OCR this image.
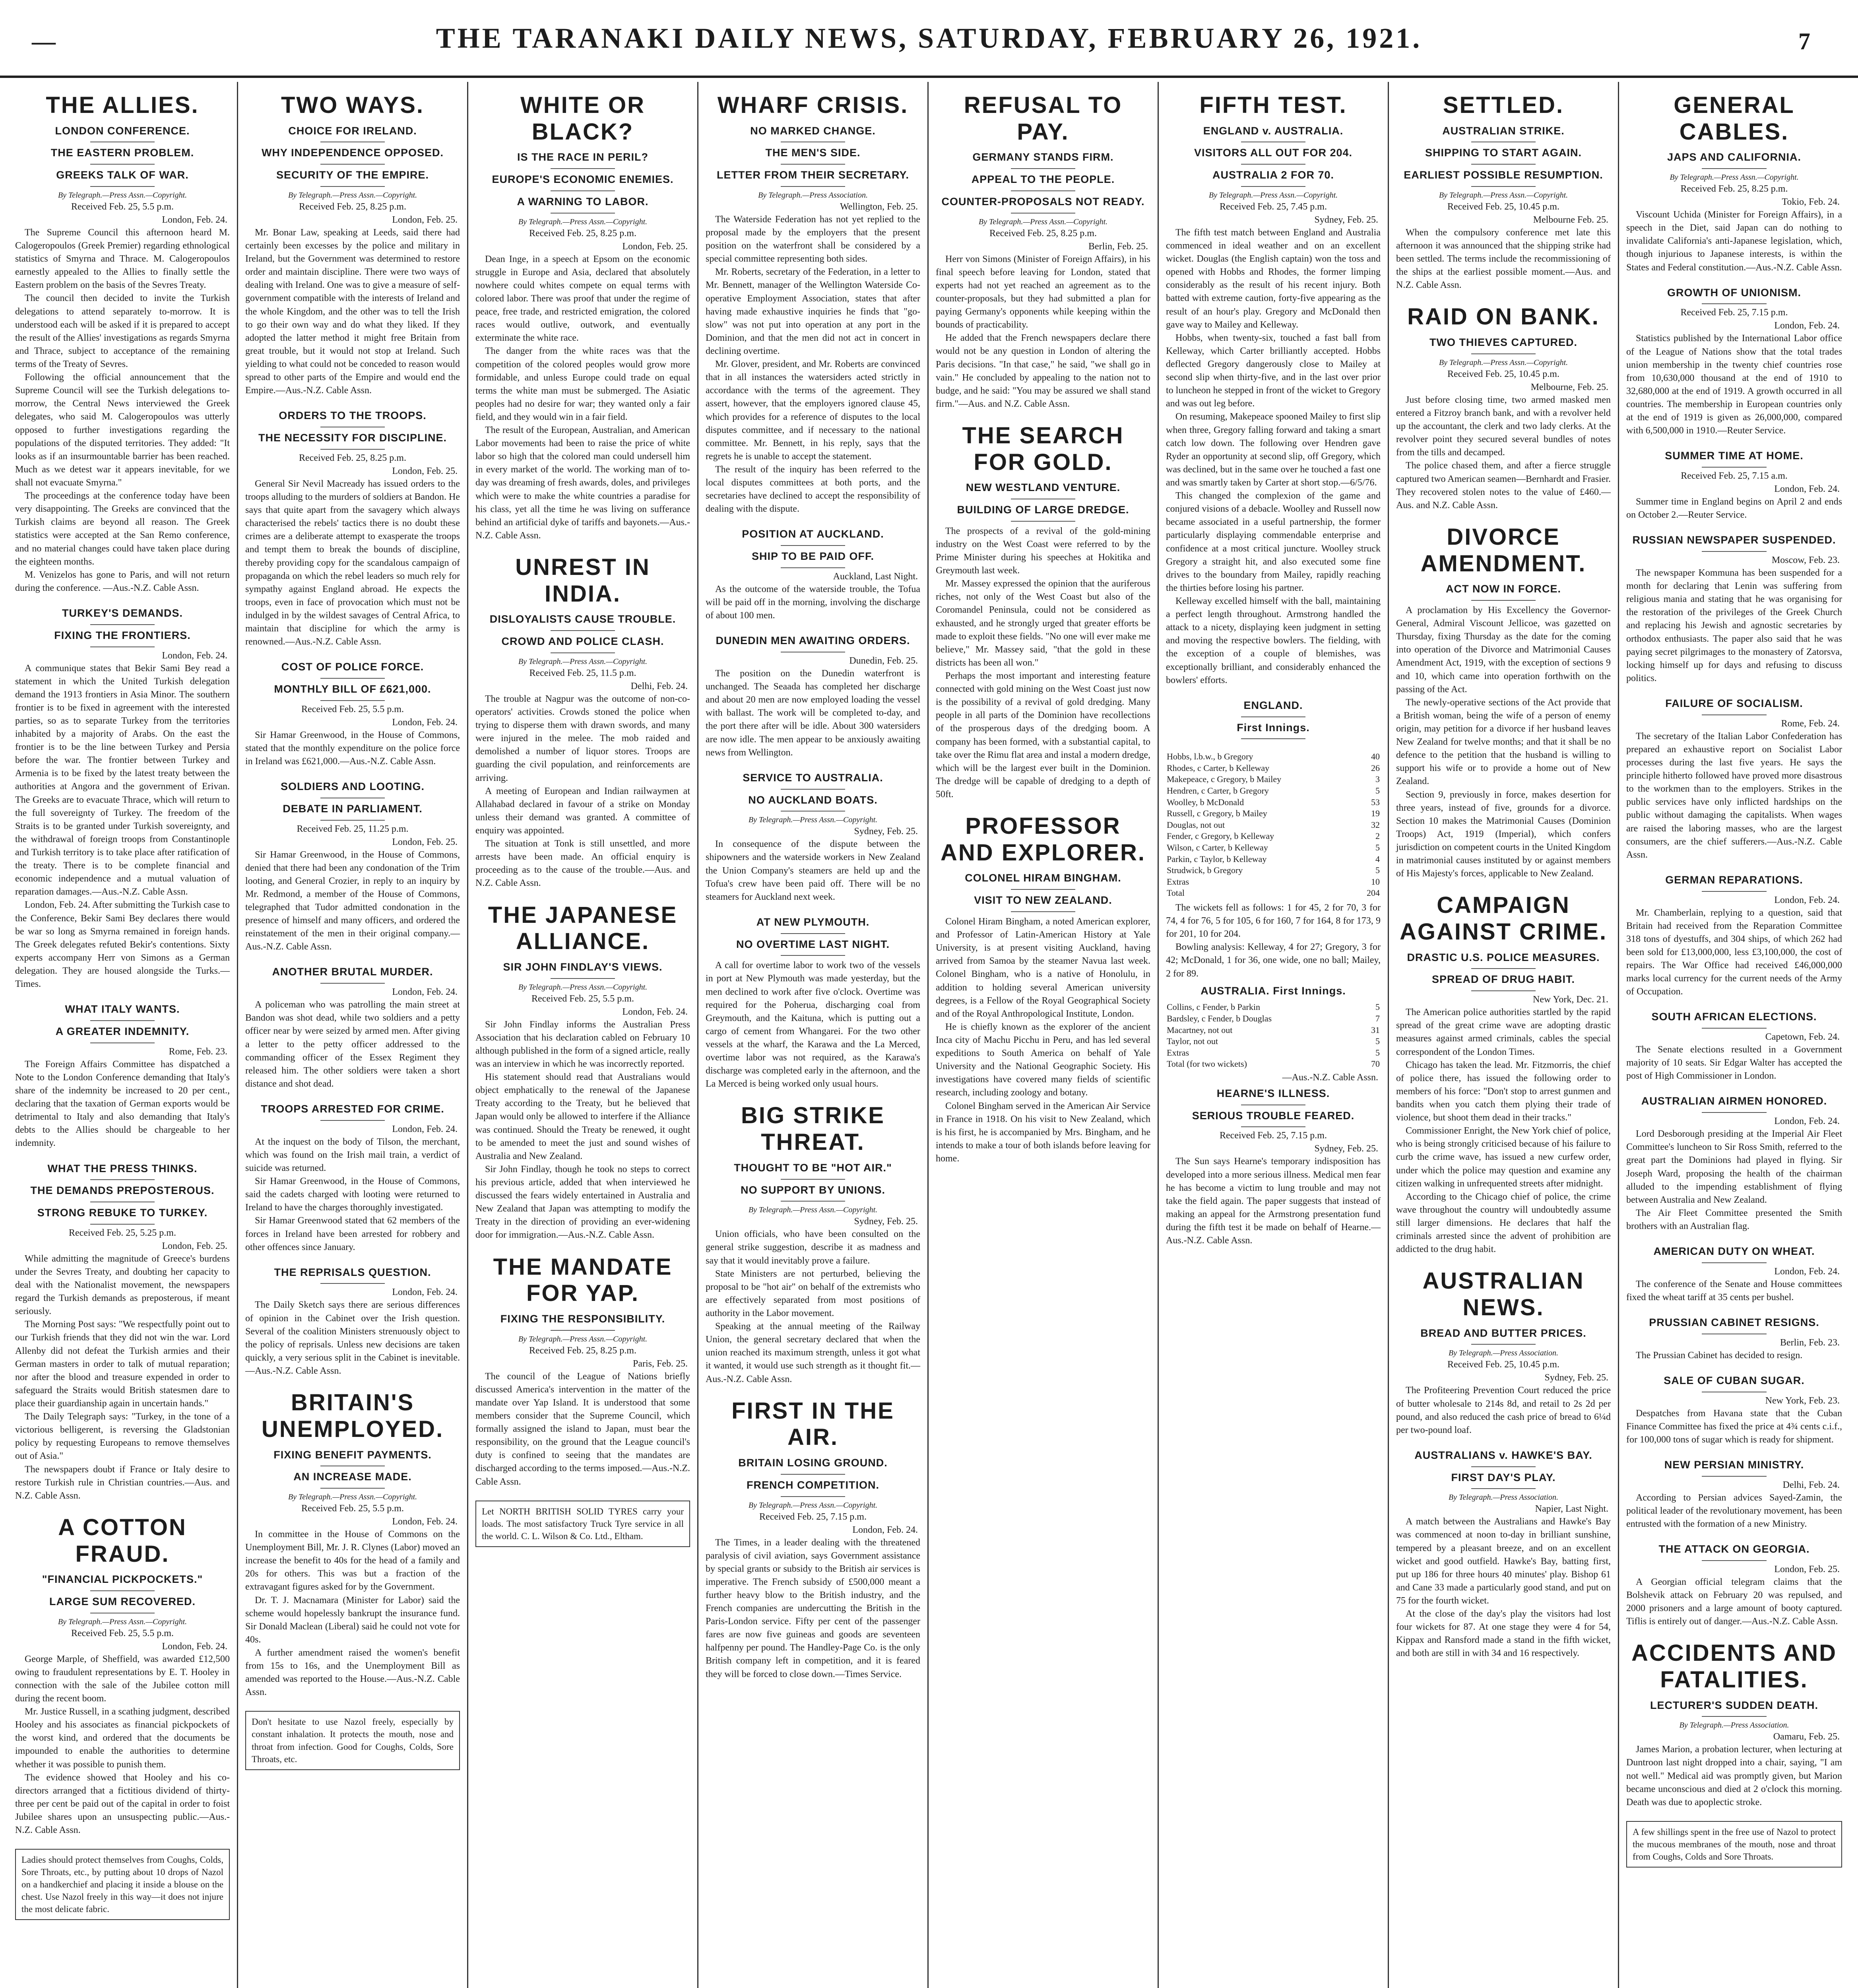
―	THE TARANAKI DAILY NEWS, SATURDAY, FEBRUARY 26, 1921.	7
THE ALLIES.
LONDON CONFERENCE.
THE EASTERN PROBLEM.
GREEKS TALK OF WAR.
By Telegraph.—Press Assn.—Copyright.
Received Feb. 25, 5.5 p.m.
London, Feb. 24.

The Supreme Council this afternoon heard M. Calogeropoulos (Greek Premier) regarding ethnological statistics of Smyrna and Thrace. M. Calogeropoulos earnestly appealed to the Allies to finally settle the Eastern problem on the basis of the Sevres Treaty.

The council then decided to invite the Turkish delegations to attend separately to-morrow. It is understood each will be asked if it is prepared to accept the result of the Allies' investigations as regards Smyrna and Thrace, subject to acceptance of the remaining terms of the Treaty of Sevres.

Following the official announcement that the Supreme Council will see the Turkish delegations to-morrow, the Central News interviewed the Greek delegates, who said M. Calogeropoulos was utterly opposed to further investigations regarding the populations of the disputed territories. They added: "It looks as if an insurmountable barrier has been reached. Much as we detest war it appears inevitable, for we shall not evacuate Smyrna."

The proceedings at the conference today have been very disappointing. The Greeks are convinced that the Turkish claims are beyond all reason. The Greek statistics were accepted at the San Remo conference, and no material changes could have taken place during the eighteen months.

M. Venizelos has gone to Paris, and will not return during the conference. —Aus.-N.Z. Cable Assn.

TURKEY'S DEMANDS.
FIXING THE FRONTIERS.
London, Feb. 24.

A communique states that Bekir Sami Bey read a statement in which the United Turkish delegation demand the 1913 frontiers in Asia Minor. The southern frontier is to be fixed in agreement with the interested parties, so as to separate Turkey from the territories inhabited by a majority of Arabs. On the east the frontier is to be the line between Turkey and Persia before the war. The frontier between Turkey and Armenia is to be fixed by the latest treaty between the authorities at Angora and the government of Erivan. The Greeks are to evacuate Thrace, which will return to the full sovereignty of Turkey. The freedom of the Straits is to be granted under Turkish sovereignty, and the withdrawal of foreign troops from Constantinople and Turkish territory is to take place after ratification of the treaty. There is to be complete financial and economic independence and a mutual valuation of reparation damages.—Aus.-N.Z. Cable Assn.

London, Feb. 24. After submitting the Turkish case to the Conference, Bekir Sami Bey declares there would be war so long as Smyrna remained in foreign hands. The Greek delegates refuted Bekir's contentions. Sixty experts accompany Herr von Simons as a German delegation. They are housed alongside the Turks.—Times.

WHAT ITALY WANTS.
A GREATER INDEMNITY.
Rome, Feb. 23.

The Foreign Affairs Committee has dispatched a Note to the London Conference demanding that Italy's share of the indemnity be increased to 20 per cent., declaring that the taxation of German exports would be detrimental to Italy and also demanding that Italy's debts to the Allies should be chargeable to her indemnity.

WHAT THE PRESS THINKS.
THE DEMANDS PREPOSTEROUS.
STRONG REBUKE TO TURKEY.
Received Feb. 25, 5.25 p.m.
London, Feb. 25.

While admitting the magnitude of Greece's burdens under the Sevres Treaty, and doubting her capacity to deal with the Nationalist movement, the newspapers regard the Turkish demands as preposterous, if meant seriously.

The Morning Post says: "We respectfully point out to our Turkish friends that they did not win the war. Lord Allenby did not defeat the Turkish armies and their German masters in order to talk of mutual reparation; nor after the blood and treasure expended in order to safeguard the Straits would British statesmen dare to place their guardianship again in uncertain hands."

The Daily Telegraph says: "Turkey, in the tone of a victorious belligerent, is reversing the Gladstonian policy by requesting Europeans to remove themselves out of Asia."

The newspapers doubt if France or Italy desire to restore Turkish rule in Christian countries.—Aus. and N.Z. Cable Assn.

A COTTON FRAUD.
"FINANCIAL PICKPOCKETS."
LARGE SUM RECOVERED.
By Telegraph.—Press Assn.—Copyright.
Received Feb. 25, 5.5 p.m.
London, Feb. 24.

George Marple, of Sheffield, was awarded £12,500 owing to fraudulent representations by E. T. Hooley in connection with the sale of the Jubilee cotton mill during the recent boom.

Mr. Justice Russell, in a scathing judgment, described Hooley and his associates as financial pickpockets of the worst kind, and ordered that the documents be impounded to enable the authorities to determine whether it was possible to punish them.

The evidence showed that Hooley and his co-directors arranged that a fictitious dividend of thirty-three per cent be paid out of the capital in order to foist Jubilee shares upon an unsuspecting public.—Aus.-N.Z. Cable Assn.

Ladies should protect themselves from Coughs, Colds, Sore Throats, etc., by putting about 10 drops of Nazol on a handkerchief and placing it inside a blouse on the chest. Use Nazol freely in this way—it does not injure the most delicate fabric.
TWO WAYS.
CHOICE FOR IRELAND.
WHY INDEPENDENCE OPPOSED.
SECURITY OF THE EMPIRE.
By Telegraph.—Press Assn.—Copyright.
Received Feb. 25, 8.25 p.m.
London, Feb. 25.

Mr. Bonar Law, speaking at Leeds, said there had certainly been excesses by the police and military in Ireland, but the Government was determined to restore order and maintain discipline. There were two ways of dealing with Ireland. One was to give a measure of self-government compatible with the interests of Ireland and the whole Kingdom, and the other was to tell the Irish to go their own way and do what they liked. If they adopted the latter method it might free Britain from great trouble, but it would not stop at Ireland. Such yielding to what could not be conceded to reason would spread to other parts of the Empire and would end the Empire.—Aus.-N.Z. Cable Assn.

ORDERS TO THE TROOPS.
THE NECESSITY FOR DISCIPLINE.
Received Feb. 25, 8.25 p.m.
London, Feb. 25.

General Sir Nevil Macready has issued orders to the troops alluding to the murders of soldiers at Bandon. He says that quite apart from the savagery which always characterised the rebels' tactics there is no doubt these crimes are a deliberate attempt to exasperate the troops and tempt them to break the bounds of discipline, thereby providing copy for the scandalous campaign of propaganda on which the rebel leaders so much rely for sympathy against England abroad. He expects the troops, even in face of provocation which must not be indulged in by the wildest savages of Central Africa, to maintain that discipline for which the army is renowned.—Aus.-N.Z. Cable Assn.

COST OF POLICE FORCE.
MONTHLY BILL OF £621,000.
Received Feb. 25, 5.5 p.m.
London, Feb. 24.

Sir Hamar Greenwood, in the House of Commons, stated that the monthly expenditure on the police force in Ireland was £621,000.—Aus.-N.Z. Cable Assn.

SOLDIERS AND LOOTING.
DEBATE IN PARLIAMENT.
Received Feb. 25, 11.25 p.m.
London, Feb. 25.

Sir Hamar Greenwood, in the House of Commons, denied that there had been any condonation of the Trim looting, and General Crozier, in reply to an inquiry by Mr. Redmond, a member of the House of Commons, telegraphed that Tudor admitted condonation in the presence of himself and many officers, and ordered the reinstatement of the men in their original company.—Aus.-N.Z. Cable Assn.

ANOTHER BRUTAL MURDER.
London, Feb. 24.

A policeman who was patrolling the main street at Bandon was shot dead, while two soldiers and a petty officer near by were seized by armed men. After giving a letter to the petty officer addressed to the commanding officer of the Essex Regiment they released him. The other soldiers were taken a short distance and shot dead.

TROOPS ARRESTED FOR CRIME.
London, Feb. 24.

At the inquest on the body of Tilson, the merchant, which was found on the Irish mail train, a verdict of suicide was returned.

Sir Hamar Greenwood, in the House of Commons, said the cadets charged with looting were returned to Ireland to have the charges thoroughly investigated.

Sir Hamar Greenwood stated that 62 members of the forces in Ireland have been arrested for robbery and other offences since January.

THE REPRISALS QUESTION.
London, Feb. 24.

The Daily Sketch says there are serious differences of opinion in the Cabinet over the Irish question. Several of the coalition Ministers strenuously object to the policy of reprisals. Unless new decisions are taken quickly, a very serious split in the Cabinet is inevitable.—Aus.-N.Z. Cable Assn.

BRITAIN'S UNEMPLOYED.
FIXING BENEFIT PAYMENTS.
AN INCREASE MADE.
By Telegraph.—Press Assn.—Copyright.
Received Feb. 25, 5.5 p.m.
London, Feb. 24.

In committee in the House of Commons on the Unemployment Bill, Mr. J. R. Clynes (Labor) moved an increase the benefit to 40s for the head of a family and 20s for others. This was but a fraction of the extravagant figures asked for by the Government.

Dr. T. J. Macnamara (Minister for Labor) said the scheme would hopelessly bankrupt the insurance fund. Sir Donald Maclean (Liberal) said he could not vote for 40s.

A further amendment raised the women's benefit from 15s to 16s, and the Unemployment Bill as amended was reported to the House.—Aus.-N.Z. Cable Assn.

Don't hesitate to use Nazol freely, especially by constant inhalation. It protects the mouth, nose and throat from infection. Good for Coughs, Colds, Sore Throats, etc.
WHITE OR BLACK?
IS THE RACE IN PERIL?
EUROPE'S ECONOMIC ENEMIES.
A WARNING TO LABOR.
By Telegraph.—Press Assn.—Copyright.
Received Feb. 25, 8.25 p.m.
London, Feb. 25.

Dean Inge, in a speech at Epsom on the economic struggle in Europe and Asia, declared that absolutely nowhere could whites compete on equal terms with colored labor. There was proof that under the regime of peace, free trade, and restricted emigration, the colored races would outlive, outwork, and eventually exterminate the white race.

The danger from the white races was that the competition of the colored peoples would grow more formidable, and unless Europe could trade on equal terms the white man must be submerged. The Asiatic peoples had no desire for war; they wanted only a fair field, and they would win in a fair field.

The result of the European, Australian, and American Labor movements had been to raise the price of white labor so high that the colored man could undersell him in every market of the world. The working man of to-day was dreaming of fresh awards, doles, and privileges which were to make the white countries a paradise for his class, yet all the time he was living on sufferance behind an artificial dyke of tariffs and bayonets.—Aus.-N.Z. Cable Assn.

UNREST IN INDIA.
DISLOYALISTS CAUSE TROUBLE.
CROWD AND POLICE CLASH.
By Telegraph.—Press Assn.—Copyright.
Received Feb. 25, 11.5 p.m.
Delhi, Feb. 24.

The trouble at Nagpur was the outcome of non-co-operators' activities. Crowds stoned the police when trying to disperse them with drawn swords, and many were injured in the melee. The mob raided and demolished a number of liquor stores. Troops are guarding the civil population, and reinforcements are arriving.

A meeting of European and Indian railwaymen at Allahabad declared in favour of a strike on Monday unless their demand was granted. A committee of enquiry was appointed.

The situation at Tonk is still unsettled, and more arrests have been made. An official enquiry is proceeding as to the cause of the trouble.—Aus. and N.Z. Cable Assn.

THE JAPANESE ALLIANCE.
SIR JOHN FINDLAY'S VIEWS.
By Telegraph.—Press Assn.—Copyright.
Received Feb. 25, 5.5 p.m.
London, Feb. 24.

Sir John Findlay informs the Australian Press Association that his declaration cabled on February 10 although published in the form of a signed article, really was an interview in which he was incorrectly reported.

His statement should read that Australians would object emphatically to the renewal of the Japanese Treaty according to the Treaty, but he believed that Japan would only be allowed to interfere if the Alliance was continued. Should the Treaty be renewed, it ought to be amended to meet the just and sound wishes of Australia and New Zealand.

Sir John Findlay, though he took no steps to correct his previous article, added that when interviewed he discussed the fears widely entertained in Australia and New Zealand that Japan was attempting to modify the Treaty in the direction of providing an ever-widening door for immigration.—Aus.-N.Z. Cable Assn.

THE MANDATE FOR YAP.
FIXING THE RESPONSIBILITY.
By Telegraph.—Press Assn.—Copyright.
Received Feb. 25, 8.25 p.m.
Paris, Feb. 25.

The council of the League of Nations briefly discussed America's intervention in the matter of the mandate over Yap Island. It is understood that some members consider that the Supreme Council, which formally assigned the island to Japan, must bear the responsibility, on the ground that the League council's duty is confined to seeing that the mandates are discharged according to the terms imposed.—Aus.-N.Z. Cable Assn.

Let NORTH BRITISH SOLID TYRES carry your loads. The most satisfactory Truck Tyre service in all the world. C. L. Wilson & Co. Ltd., Eltham.
WHARF CRISIS.
NO MARKED CHANGE.
THE MEN'S SIDE.
LETTER FROM THEIR SECRETARY.
By Telegraph.—Press Association.
Wellington, Feb. 25.

The Waterside Federation has not yet replied to the proposal made by the employers that the present position on the waterfront shall be considered by a special committee representing both sides.

Mr. Roberts, secretary of the Federation, in a letter to Mr. Bennett, manager of the Wellington Waterside Co-operative Employment Association, states that after having made exhaustive inquiries he finds that "go-slow" was not put into operation at any port in the Dominion, and that the men did not act in concert in declining overtime.

Mr. Glover, president, and Mr. Roberts are convinced that in all instances the watersiders acted strictly in accordance with the terms of the agreement. They assert, however, that the employers ignored clause 45, which provides for a reference of disputes to the local disputes committee, and if necessary to the national committee. Mr. Bennett, in his reply, says that the regrets he is unable to accept the statement.

The result of the inquiry has been referred to the local disputes committees at both ports, and the secretaries have declined to accept the responsibility of dealing with the dispute.

POSITION AT AUCKLAND.
SHIP TO BE PAID OFF.
Auckland, Last Night.

As the outcome of the waterside trouble, the Tofua will be paid off in the morning, involving the discharge of about 100 men.

DUNEDIN MEN AWAITING ORDERS.
Dunedin, Feb. 25.

The position on the Dunedin waterfront is unchanged. The Seaada has completed her discharge and about 20 men are now employed loading the vessel with ballast. The work will be completed to-day, and the port there after will be idle. About 300 watersiders are now idle. The men appear to be anxiously awaiting news from Wellington.

SERVICE TO AUSTRALIA.
NO AUCKLAND BOATS.
By Telegraph.—Press Assn.—Copyright.
Sydney, Feb. 25.

In consequence of the dispute between the shipowners and the waterside workers in New Zealand the Union Company's steamers are held up and the Tofua's crew have been paid off. There will be no steamers for Auckland next week.

AT NEW PLYMOUTH.
NO OVERTIME LAST NIGHT.

A call for overtime labor to work two of the vessels in port at New Plymouth was made yesterday, but the men declined to work after five o'clock. Overtime was required for the Poherua, discharging coal from Greymouth, and the Kaituna, which is putting out a cargo of cement from Whangarei. For the two other vessels at the wharf, the Karawa and the La Merced, overtime labor was not required, as the Karawa's discharge was completed early in the afternoon, and the La Merced is being worked only usual hours.

BIG STRIKE THREAT.
THOUGHT TO BE "HOT AIR."
NO SUPPORT BY UNIONS.
By Telegraph.—Press Assn.—Copyright.
Sydney, Feb. 25.

Union officials, who have been consulted on the general strike suggestion, describe it as madness and say that it would inevitably prove a failure.

State Ministers are not perturbed, believing the proposal to be "hot air" on behalf of the extremists who are effectively separated from most positions of authority in the Labor movement.

Speaking at the annual meeting of the Railway Union, the general secretary declared that when the union reached its maximum strength, unless it got what it wanted, it would use such strength as it thought fit.—Aus.-N.Z. Cable Assn.

FIRST IN THE AIR.
BRITAIN LOSING GROUND.
FRENCH COMPETITION.
By Telegraph.—Press Assn.—Copyright.
Received Feb. 25, 7.15 p.m.
London, Feb. 24.

The Times, in a leader dealing with the threatened paralysis of civil aviation, says Government assistance by special grants or subsidy to the British air services is imperative. The French subsidy of £500,000 meant a further heavy blow to the British industry, and the French companies are undercutting the British in the Paris-London service. Fifty per cent of the passenger fares are now five guineas and goods are seventeen halfpenny per pound. The Handley-Page Co. is the only British company left in competition, and it is feared they will be forced to close down.—Times Service.

REFUSAL TO PAY.
GERMANY STANDS FIRM.
APPEAL TO THE PEOPLE.
COUNTER-PROPOSALS NOT READY.
By Telegraph.—Press Assn.—Copyright.
Received Feb. 25, 8.25 p.m.
Berlin, Feb. 25.

Herr von Simons (Minister of Foreign Affairs), in his final speech before leaving for London, stated that experts had not yet reached an agreement as to the counter-proposals, but they had submitted a plan for paying Germany's opponents while keeping within the bounds of practicability.

He added that the French newspapers declare there would not be any question in London of altering the Paris decisions. "In that case," he said, "we shall go in vain." He concluded by appealing to the nation not to budge, and he said: "You may be assured we shall stand firm."—Aus. and N.Z. Cable Assn.

THE SEARCH FOR GOLD.
NEW WESTLAND VENTURE.
BUILDING OF LARGE DREDGE.

The prospects of a revival of the gold-mining industry on the West Coast were referred to by the Prime Minister during his speeches at Hokitika and Greymouth last week.

Mr. Massey expressed the opinion that the auriferous riches, not only of the West Coast but also of the Coromandel Peninsula, could not be considered as exhausted, and he strongly urged that greater efforts be made to exploit these fields. "No one will ever make me believe," Mr. Massey said, "that the gold in these districts has been all won."

Perhaps the most important and interesting feature connected with gold mining on the West Coast just now is the possibility of a revival of gold dredging. Many people in all parts of the Dominion have recollections of the prosperous days of the dredging boom. A company has been formed, with a substantial capital, to take over the Rimu flat area and instal a modern dredge, which will be the largest ever built in the Dominion. The dredge will be capable of dredging to a depth of 50ft.

PROFESSOR AND EXPLORER.
COLONEL HIRAM BINGHAM.
VISIT TO NEW ZEALAND.

Colonel Hiram Bingham, a noted American explorer, and Professor of Latin-American History at Yale University, is at present visiting Auckland, having arrived from Samoa by the steamer Navua last week. Colonel Bingham, who is a native of Honolulu, in addition to holding several American university degrees, is a Fellow of the Royal Geographical Society and of the Royal Anthropological Institute, London.

He is chiefly known as the explorer of the ancient Inca city of Machu Picchu in Peru, and has led several expeditions to South America on behalf of Yale University and the National Geographic Society. His investigations have covered many fields of scientific research, including zoology and botany.

Colonel Bingham served in the American Air Service in France in 1918. On his visit to New Zealand, which is his first, he is accompanied by Mrs. Bingham, and he intends to make a tour of both islands before leaving for home.

FIFTH TEST.
ENGLAND v. AUSTRALIA.
VISITORS ALL OUT FOR 204.
AUSTRALIA 2 FOR 70.
By Telegraph.—Press Assn.—Copyright.
Received Feb. 25, 7.45 p.m.
Sydney, Feb. 25.

The fifth test match between England and Australia commenced in ideal weather and on an excellent wicket. Douglas (the English captain) won the toss and opened with Hobbs and Rhodes, the former limping considerably as the result of his recent injury. Both batted with extreme caution, forty-five appearing as the result of an hour's play. Gregory and McDonald then gave way to Mailey and Kelleway.

Hobbs, when twenty-six, touched a fast ball from Kelleway, which Carter brilliantly accepted. Hobbs deflected Gregory dangerously close to Mailey at second slip when thirty-five, and in the last over prior to luncheon he stepped in front of the wicket to Gregory and was out leg before.

On resuming, Makepeace spooned Mailey to first slip when three, Gregory falling forward and taking a smart catch low down. The following over Hendren gave Ryder an opportunity at second slip, off Gregory, which was declined, but in the same over he touched a fast one and was smartly taken by Carter at short stop.—6/5/76.

This changed the complexion of the game and conjured visions of a debacle. Woolley and Russell now became associated in a useful partnership, the former particularly displaying commendable enterprise and confidence at a most critical juncture. Woolley struck Gregory a straight hit, and also executed some fine drives to the boundary from Mailey, rapidly reaching the thirties before losing his partner.

Kelleway excelled himself with the ball, maintaining a perfect length throughout. Armstrong handled the attack to a nicety, displaying keen judgment in setting and moving the respective bowlers. The fielding, with the exception of a couple of blemishes, was exceptionally brilliant, and considerably enhanced the bowlers' efforts.

ENGLAND.
First Innings.
Hobbs, l.b.w., b Gregory	40
Rhodes, c Carter, b Kelleway	26
Makepeace, c Gregory, b Mailey	3
Hendren, c Carter, b Gregory	5
Woolley, b McDonald	53
Russell, c Gregory, b Mailey	19
Douglas, not out	32
Fender, c Gregory, b Kelleway	2
Wilson, c Carter, b Kelleway	5
Parkin, c Taylor, b Kelleway	4
Strudwick, b Gregory	5
Extras	10
Total	204

The wickets fell as follows: 1 for 45, 2 for 70, 3 for 74, 4 for 76, 5 for 105, 6 for 160, 7 for 164, 8 for 173, 9 for 201, 10 for 204.

Bowling analysis: Kelleway, 4 for 27; Gregory, 3 for 42; McDonald, 1 for 36, one wide, one no ball; Mailey, 2 for 89.

AUSTRALIA. First Innings.
Collins, c Fender, b Parkin	5
Bardsley, c Fender, b Douglas	7
Macartney, not out	31
Taylor, not out	5
Extras	5
Total (for two wickets)	70
—Aus.-N.Z. Cable Assn.
HEARNE'S ILLNESS.
SERIOUS TROUBLE FEARED.
Received Feb. 25, 7.15 p.m.
Sydney, Feb. 25.

The Sun says Hearne's temporary indisposition has developed into a more serious illness. Medical men fear he has become a victim to lung trouble and may not take the field again. The paper suggests that instead of making an appeal for the Armstrong presentation fund during the fifth test it be made on behalf of Hearne.—Aus.-N.Z. Cable Assn.

SETTLED.
AUSTRALIAN STRIKE.
SHIPPING TO START AGAIN.
EARLIEST POSSIBLE RESUMPTION.
By Telegraph.—Press Assn.—Copyright.
Received Feb. 25, 10.45 p.m.
Melbourne Feb. 25.

When the compulsory conference met late this afternoon it was announced that the shipping strike had been settled. The terms include the recommissioning of the ships at the earliest possible moment.—Aus. and N.Z. Cable Assn.

RAID ON BANK.
TWO THIEVES CAPTURED.
By Telegraph.—Press Assn.—Copyright.
Received Feb. 25, 10.45 p.m.
Melbourne, Feb. 25.

Just before closing time, two armed masked men entered a Fitzroy branch bank, and with a revolver held up the accountant, the clerk and two lady clerks. At the revolver point they secured several bundles of notes from the tills and decamped.

The police chased them, and after a fierce struggle captured two American seamen—Bernhardt and Frasier. They recovered stolen notes to the value of £460.—Aus. and N.Z. Cable Assn.

DIVORCE AMENDMENT.
ACT NOW IN FORCE.

A proclamation by His Excellency the Governor-General, Admiral Viscount Jellicoe, was gazetted on Thursday, fixing Thursday as the date for the coming into operation of the Divorce and Matrimonial Causes Amendment Act, 1919, with the exception of sections 9 and 10, which came into operation forthwith on the passing of the Act.

The newly-operative sections of the Act provide that a British woman, being the wife of a person of enemy origin, may petition for a divorce if her husband leaves New Zealand for twelve months; and that it shall be no defence to the petition that the husband is willing to support his wife or to provide a home out of New Zealand.

Section 9, previously in force, makes desertion for three years, instead of five, grounds for a divorce. Section 10 makes the Matrimonial Causes (Dominion Troops) Act, 1919 (Imperial), which confers jurisdiction on competent courts in the United Kingdom in matrimonial causes instituted by or against members of His Majesty's forces, applicable to New Zealand.

CAMPAIGN AGAINST CRIME.
DRASTIC U.S. POLICE MEASURES.
SPREAD OF DRUG HABIT.
New York, Dec. 21.

The American police authorities startled by the rapid spread of the great crime wave are adopting drastic measures against armed criminals, cables the special correspondent of the London Times.

Chicago has taken the lead. Mr. Fitzmorris, the chief of police there, has issued the following order to members of his force: "Don't stop to arrest gunmen and bandits when you catch them plying their trade of violence, but shoot them dead in their tracks."

Commissioner Enright, the New York chief of police, who is being strongly criticised because of his failure to curb the crime wave, has issued a new curfew order, under which the police may question and examine any citizen walking in unfrequented streets after midnight.

According to the Chicago chief of police, the crime wave throughout the country will undoubtedly assume still larger dimensions. He declares that half the criminals arrested since the advent of prohibition are addicted to the drug habit.

AUSTRALIAN NEWS.
BREAD AND BUTTER PRICES.
By Telegraph.—Press Association.
Received Feb. 25, 10.45 p.m.
Sydney, Feb. 25.

The Profiteering Prevention Court reduced the price of butter wholesale to 214s 8d, and retail to 2s 2d per pound, and also reduced the cash price of bread to 6¼d per two-pound loaf.

AUSTRALIANS v. HAWKE'S BAY.
FIRST DAY'S PLAY.
By Telegraph.—Press Association.
Napier, Last Night.

A match between the Australians and Hawke's Bay was commenced at noon to-day in brilliant sunshine, tempered by a pleasant breeze, and on an excellent wicket and good outfield. Hawke's Bay, batting first, put up 186 for three hours 40 minutes' play. Bishop 61 and Cane 33 made a particularly good stand, and put on 75 for the fourth wicket.

At the close of the day's play the visitors had lost four wickets for 87. At one stage they were 4 for 54, Kippax and Ransford made a stand in the fifth wicket, and both are still in with 34 and 16 respectively.

GENERAL CABLES.
JAPS AND CALIFORNIA.
By Telegraph.—Press Assn.—Copyright.
Received Feb. 25, 8.25 p.m.
Tokio, Feb. 24.

Viscount Uchida (Minister for Foreign Affairs), in a speech in the Diet, said Japan can do nothing to invalidate California's anti-Japanese legislation, which, though injurious to Japanese interests, is within the States and Federal constitution.—Aus.-N.Z. Cable Assn.

GROWTH OF UNIONISM.
Received Feb. 25, 7.15 p.m.
London, Feb. 24.

Statistics published by the International Labor office of the League of Nations show that the total trades union membership in the twenty chief countries rose from 10,630,000 thousand at the end of 1910 to 32,680,000 at the end of 1919. A growth occurred in all countries. The membership in European countries only at the end of 1919 is given as 26,000,000, compared with 6,500,000 in 1910.—Reuter Service.

SUMMER TIME AT HOME.
Received Feb. 25, 7.15 a.m.
London, Feb. 24.

Summer time in England begins on April 2 and ends on October 2.—Reuter Service.

RUSSIAN NEWSPAPER SUSPENDED.
Moscow, Feb. 23.

The newspaper Kommuna has been suspended for a month for declaring that Lenin was suffering from religious mania and stating that he was organising for the restoration of the privileges of the Greek Church and replacing his Jewish and agnostic secretaries by orthodox enthusiasts. The paper also said that he was paying secret pilgrimages to the monastery of Zatorsva, locking himself up for days and refusing to discuss politics.

FAILURE OF SOCIALISM.
Rome, Feb. 24.

The secretary of the Italian Labor Confederation has prepared an exhaustive report on Socialist Labor processes during the last five years. He says the principle hitherto followed have proved more disastrous to the workmen than to the employers. Strikes in the public services have only inflicted hardships on the public without damaging the capitalists. When wages are raised the laboring masses, who are the largest consumers, are the chief sufferers.—Aus.-N.Z. Cable Assn.

GERMAN REPARATIONS.
London, Feb. 24.

Mr. Chamberlain, replying to a question, said that Britain had received from the Reparation Committee 318 tons of dyestuffs, and 304 ships, of which 262 had been sold for £13,000,000, less £3,100,000, the cost of repairs. The War Office had received £46,000,000 marks local currency for the current needs of the Army of Occupation.

SOUTH AFRICAN ELECTIONS.
Capetown, Feb. 24.

The Senate elections resulted in a Government majority of 10 seats. Sir Edgar Walter has accepted the post of High Commissioner in London.

AUSTRALIAN AIRMEN HONORED.
London, Feb. 24.

Lord Desborough presiding at the Imperial Air Fleet Committee's luncheon to Sir Ross Smith, referred to the great part the Dominions had played in flying. Sir Joseph Ward, proposing the health of the chairman alluded to the impending establishment of flying between Australia and New Zealand.

The Air Fleet Committee presented the Smith brothers with an Australian flag.

AMERICAN DUTY ON WHEAT.
London, Feb. 24.

The conference of the Senate and House committees fixed the wheat tariff at 35 cents per bushel.

PRUSSIAN CABINET RESIGNS.
Berlin, Feb. 23.

The Prussian Cabinet has decided to resign.

SALE OF CUBAN SUGAR.
New York, Feb. 23.

Despatches from Havana state that the Cuban Finance Committee has fixed the price at 4¾ cents c.i.f., for 100,000 tons of sugar which is ready for shipment.

NEW PERSIAN MINISTRY.
Delhi, Feb. 24.

According to Persian advices Sayed-Zamin, the political leader of the revolutionary movement, has been entrusted with the formation of a new Ministry.

THE ATTACK ON GEORGIA.
London, Feb. 25.

A Georgian official telegram claims that the Bolshevik attack on February 20 was repulsed, and 2000 prisoners and a large amount of booty captured. Tiflis is entirely out of danger.—Aus.-N.Z. Cable Assn.

ACCIDENTS AND FATALITIES.
LECTURER'S SUDDEN DEATH.
By Telegraph.—Press Association.
Oamaru, Feb. 25.

James Marion, a probation lecturer, when lecturing at Duntroon last night dropped into a chair, saying, "I am not well." Medical aid was promptly given, but Marion became unconscious and died at 2 o'clock this morning. Death was due to apoplectic stroke.

A few shillings spent in the free use of Nazol to protect the mucous membranes of the mouth, nose and throat from Coughs, Colds and Sore Throats.
